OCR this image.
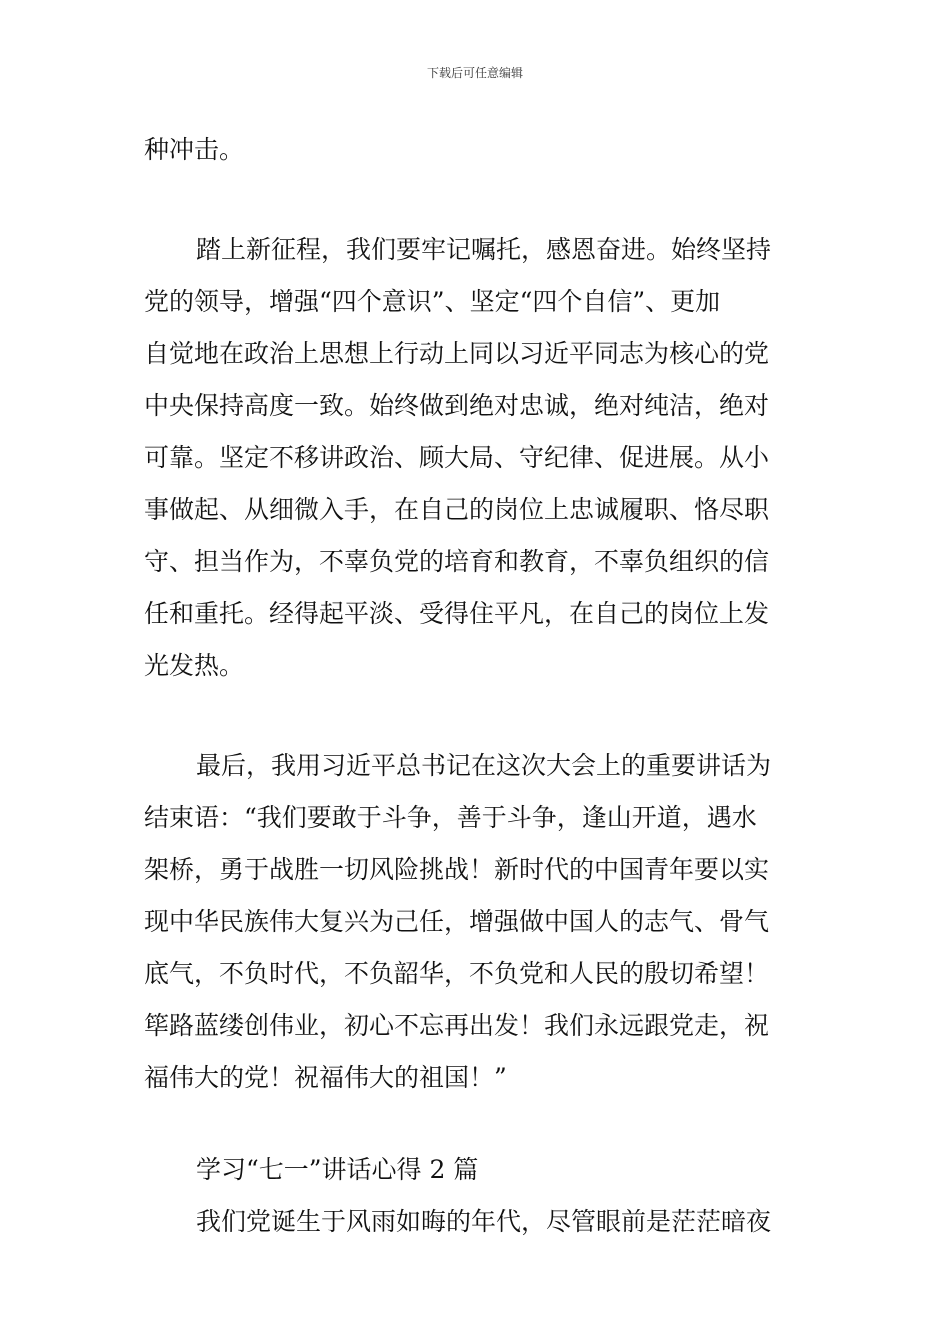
下载后可任意编辑
种冲击。
踏上新征程，我们要牢记嘱托，感恩奋进。始终坚持
党的领导，增强“四个意识”、坚定“四个自信”、更加
自觉地在政治上思想上行动上同以习近平同志为核心的党
中央保持高度一致。始终做到绝对忠诚，绝对纯洁，绝对
可靠。坚定不移讲政治、顾大局、守纪律、促进展。从小
事做起、从细微入手，在自己的岗位上忠诚履职、恪尽职
守、担当作为，不辜负党的培育和教育，不辜负组织的信
任和重托。经得起平淡、受得住平凡，在自己的岗位上发
光发热。
最后，我用习近平总书记在这次大会上的重要讲话为
结束语：“我们要敢于斗争，善于斗争，逢山开道，遇水
架桥，勇于战胜一切风险挑战！新时代的中国青年要以实
现中华民族伟大复兴为己任，增强做中国人的志气、骨气
底气，不负时代，不负韶华，不负党和人民的殷切希望！
筚路蓝缕创伟业，初心不忘再出发！我们永远跟党走，祝
福伟大的党！祝福伟大的祖国！”
学习“七一”讲话心得 2 篇
我们党诞生于风雨如晦的年代，尽管眼前是茫茫暗夜
